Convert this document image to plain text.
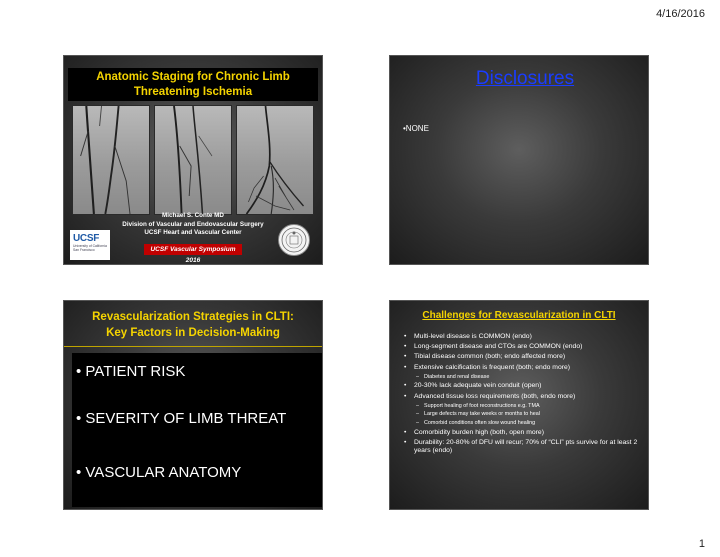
4/16/2016
Anatomic Staging for Chronic Limb Threatening Ischemia
Michael S. Conte MD
Division of Vascular and Endovascular Surgery
UCSF Heart and Vascular Center
UCSF Vascular Symposium 2016
UCSF
University of California San Francisco
Disclosures
•NONE
Revascularization Strategies in CLTI:
Key Factors in Decision-Making
• PATIENT RISK
• SEVERITY OF LIMB THREAT
• VASCULAR ANATOMY
Challenges for Revascularization in CLTI
• Multi-level disease is COMMON (endo)
• Long-segment disease and CTOs are COMMON (endo)
• Tibial disease common (both; endo affected more)
• Extensive calcification is frequent (both; endo more)
– Diabetes and renal disease
• 20-30% lack adequate vein conduit (open)
• Advanced tissue loss requirements (both, endo more)
– Support healing of foot reconstructions e.g. TMA
– Large defects may take weeks or months to heal
– Comorbid conditions often slow wound healing
• Comorbidity burden high (both, open more)
• Durability: 20-80% of DFU will recur; 70% of “CLI” pts survive for at least 2 years (endo)
1
